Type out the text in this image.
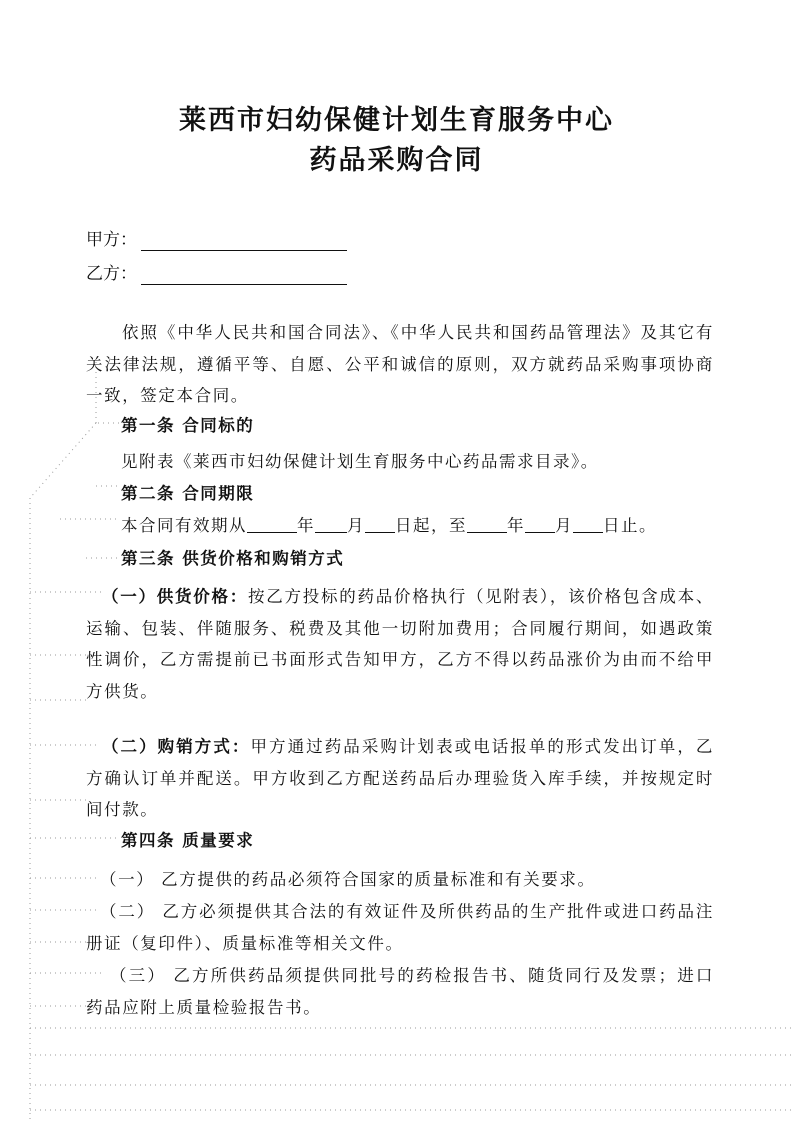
莱西市妇幼保健计划生育服务中心
药品采购合同
甲方：
乙方：
依照《中华人民共和国合同法》、《中华人民共和国药品管理法》及其它有关法律法规，遵循平等、自愿、公平和诚信的原则，双方就药品采购事项协商一致，签定本合同。
第一条 合同标的
见附表《莱西市妇幼保健计划生育服务中心药品需求目录》。
第二条 合同期限
本合同有效期从	年 月 日起，至 年 月 日止。
第三条 供货价格和购销方式
（一）供货价格：按乙方投标的药品价格执行（见附表），该价格包含成本、运输、包装、伴随服务、税费及其他一切附加费用；合同履行期间，如遇政策性调价，乙方需提前已书面形式告知甲方，乙方不得以药品涨价为由而不给甲方供货。
（二）购销方式：甲方通过药品采购计划表或电话报单的形式发出订单，乙方确认订单并配送。甲方收到乙方配送药品后办理验货入库手续，并按规定时间付款。
第四条 质量要求
（一） 乙方提供的药品必须符合国家的质量标准和有关要求。
（二） 乙方必须提供其合法的有效证件及所供药品的生产批件或进口药品注册证（复印件）、质量标准等相关文件。
（三） 乙方所供药品须提供同批号的药检报告书、随货同行及发票；进口药品应附上质量检验报告书。
